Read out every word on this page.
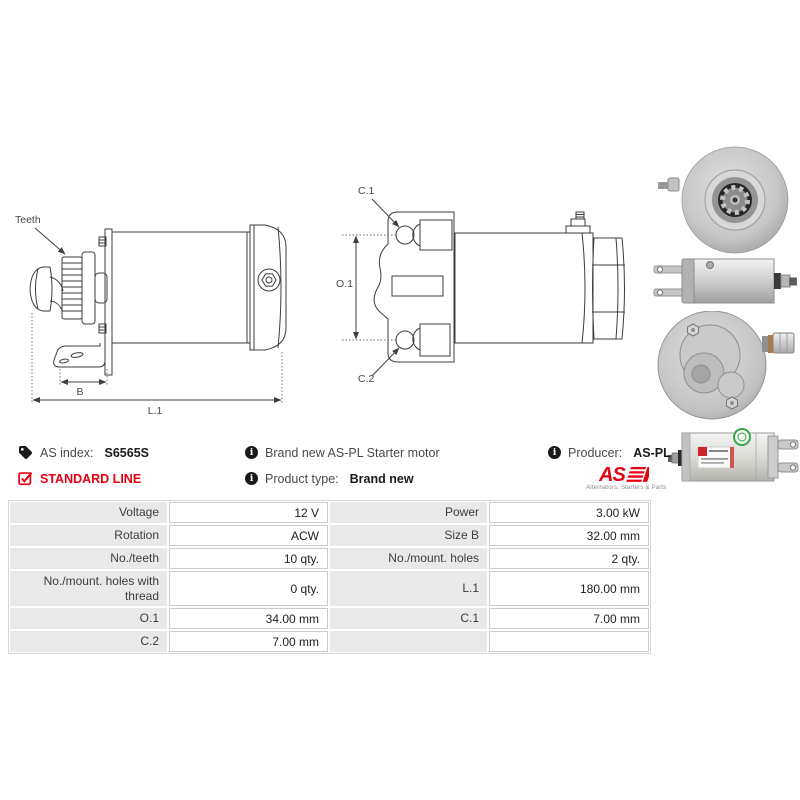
Teeth
B
L.1
C.1
O.1
C.2
AS index: S6565S
STANDARD LINE
i Brand new AS-PL Starter motor
i Product type: Brand new
i Producer: AS-PL
AS
Alternators, Starters & Parts
Voltage	12 V	Power	3.00 kW
Rotation	ACW	Size B	32.00 mm
No./teeth	10 qty.	No./mount. holes	2 qty.
No./mount. holes with thread	0 qty.	L.1	180.00 mm
O.1	34.00 mm	C.1	7.00 mm
C.2	7.00 mm
